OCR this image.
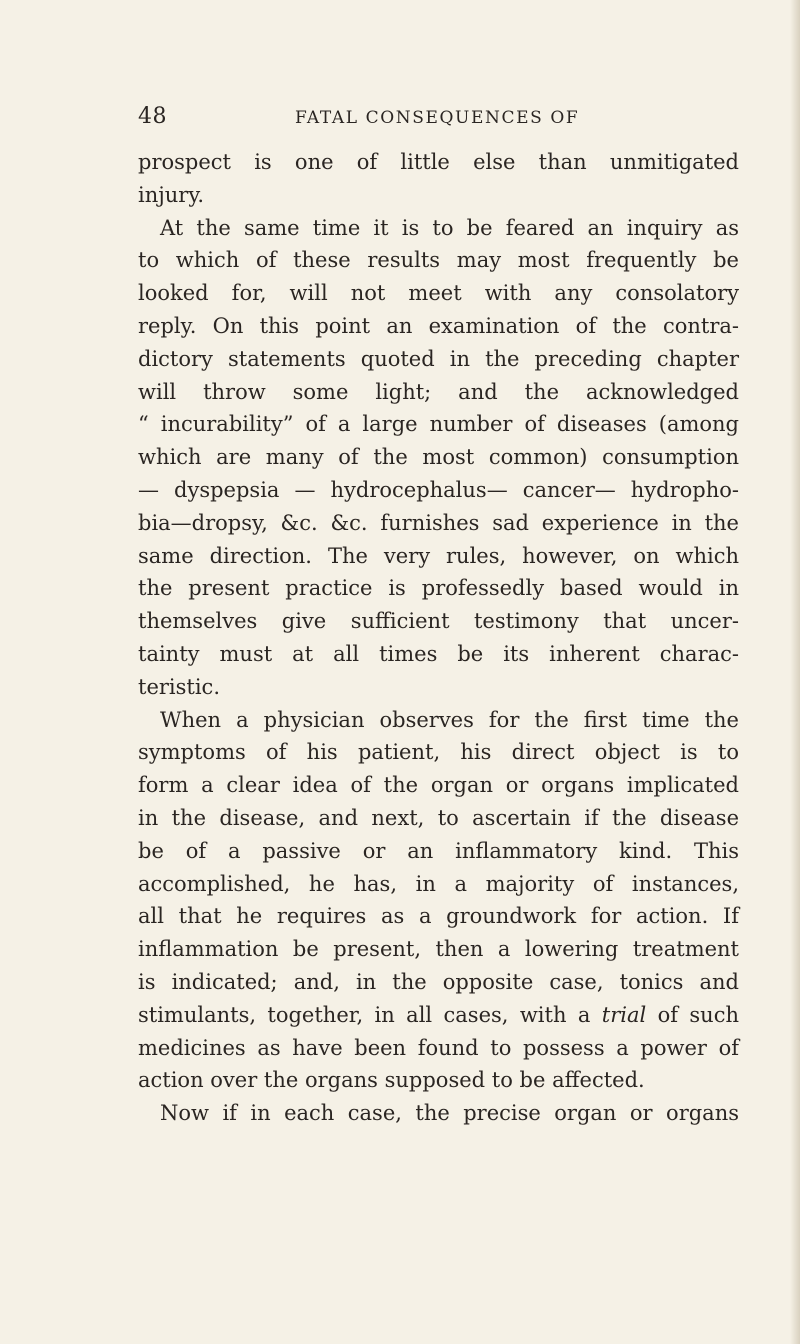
48	FATAL CONSEQUENCES OF
prospect is one of little else than unmitigated
injury.
At the same time it is to be feared an inquiry as
to which of these results may most frequently be
looked for, will not meet with any consolatory
reply. On this point an examination of the contra-
dictory statements quoted in the preceding chapter
will throw some light; and the acknowledged
“ incurability” of a large number of diseases (among
which are many of the most common) consumption
— dyspepsia — hydrocephalus— cancer— hydropho-
bia—dropsy, &c. &c. furnishes sad experience in the
same direction. The very rules, however, on which
the present practice is professedly based would in
themselves give sufficient testimony that uncer-
tainty must at all times be its inherent charac-
teristic.
When a physician observes for the first time the
symptoms of his patient, his direct object is to
form a clear idea of the organ or organs implicated
in the disease, and next, to ascertain if the disease
be of a passive or an inflammatory kind. This
accomplished, he has, in a majority of instances,
all that he requires as a groundwork for action. If
inflammation be present, then a lowering treatment
is indicated; and, in the opposite case, tonics and
stimulants, together, in all cases, with a trial of such
medicines as have been found to possess a power of
action over the organs supposed to be affected.
Now if in each case, the precise organ or organs
